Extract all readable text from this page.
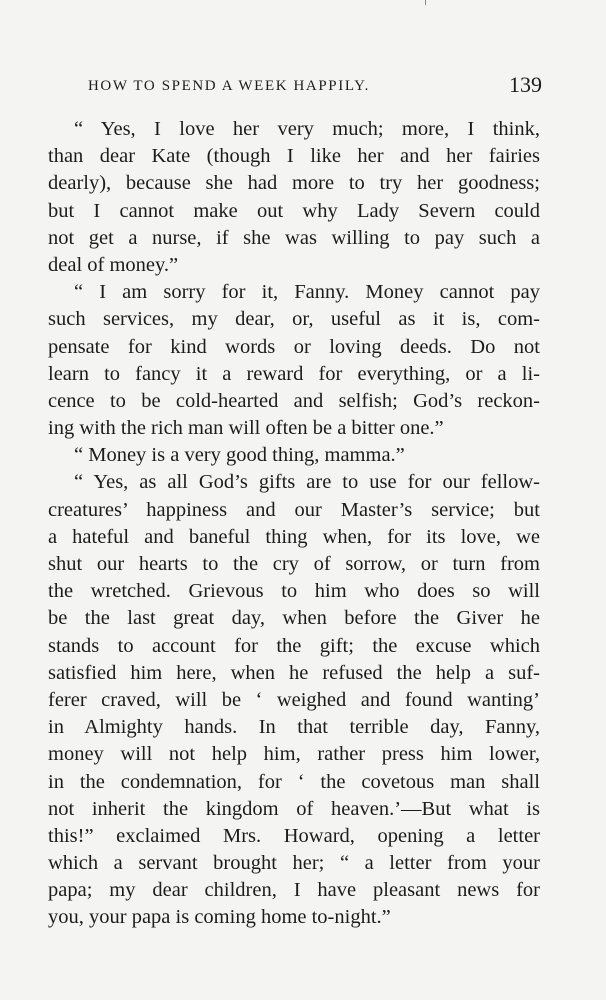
HOW TO SPEND A WEEK HAPPILY.	139
“ Yes, I love her very much; more, I think,
than dear Kate (though I like her and her fairies
dearly), because she had more to try her goodness;
but I cannot make out why Lady Severn could
not get a nurse, if she was willing to pay such a
deal of money.”
“ I am sorry for it, Fanny. Money cannot pay
such services, my dear, or, useful as it is, com-
pensate for kind words or loving deeds. Do not
learn to fancy it a reward for everything, or a li-
cence to be cold-hearted and selfish; God’s reckon-
ing with the rich man will often be a bitter one.”
“ Money is a very good thing, mamma.”
“ Yes, as all God’s gifts are to use for our fellow-
creatures’ happiness and our Master’s service; but
a hateful and baneful thing when, for its love, we
shut our hearts to the cry of sorrow, or turn from
the wretched. Grievous to him who does so will
be the last great day, when before the Giver he
stands to account for the gift; the excuse which
satisfied him here, when he refused the help a suf-
ferer craved, will be ‘ weighed and found wanting’
in Almighty hands. In that terrible day, Fanny,
money will not help him, rather press him lower,
in the condemnation, for ‘ the covetous man shall
not inherit the kingdom of heaven.’—But what is
this!” exclaimed Mrs. Howard, opening a letter
which a servant brought her; “ a letter from your
papa; my dear children, I have pleasant news for
you, your papa is coming home to-night.”
